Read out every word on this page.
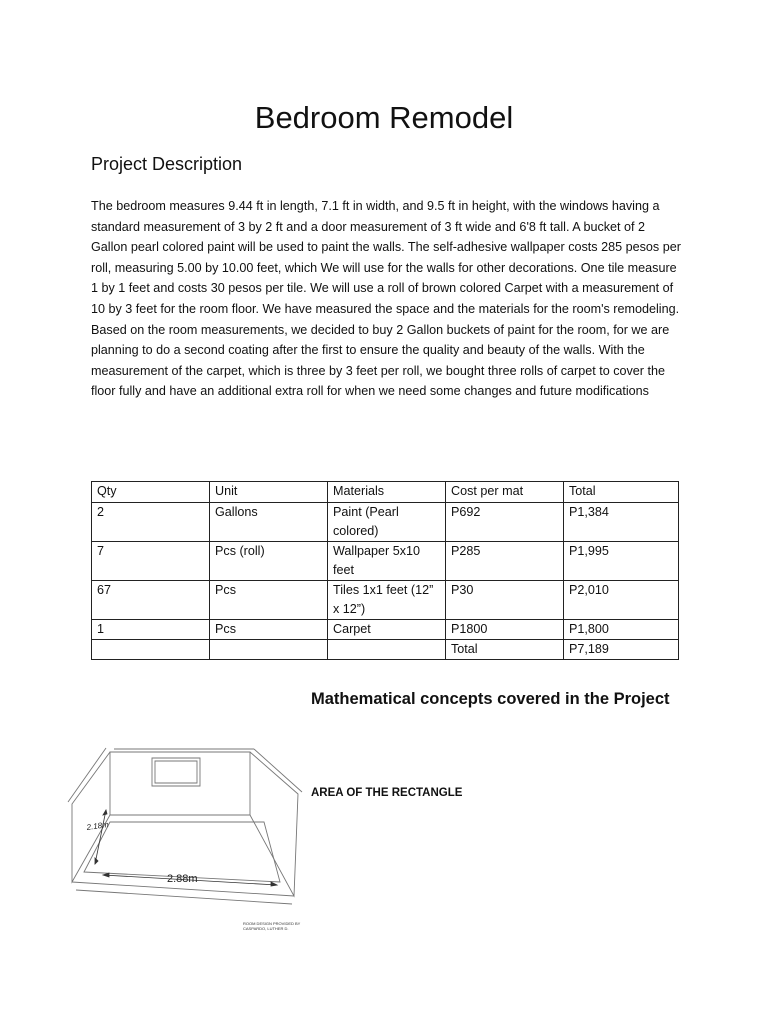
Bedroom Remodel
Project Description
The bedroom measures 9.44 ft in length, 7.1 ft in width, and 9.5 ft in height, with the windows having a standard measurement of 3 by 2 ft and a door measurement of 3 ft wide and 6'8 ft tall. A bucket of 2 Gallon pearl colored paint will be used to paint the walls. The self-adhesive wallpaper costs 285 pesos per roll, measuring 5.00 by 10.00 feet, which We will use for the walls for other decorations. One tile measure 1 by 1 feet and costs 30 pesos per tile. We will use a roll of brown colored Carpet with a measurement of 10 by 3 feet for the room floor. We have measured the space and the materials for the room's remodeling. Based on the room measurements, we decided to buy 2 Gallon buckets of paint for the room, for we are planning to do a second coating after the first to ensure the quality and beauty of the walls. With the measurement of the carpet, which is three by 3 feet per roll, we bought three rolls of carpet to cover the floor fully and have an additional extra roll for when we need some changes and future modifications
Qty	Unit	Materials	Cost per mat	Total
2	Gallons	Paint (Pearl colored)	P692	P1,384
7	Pcs (roll)	Wallpaper 5x10 feet	P285	P1,995
67	Pcs	Tiles 1x1 feet (12” x 12”)	P30	P2,010
1	Pcs	Carpet	P1800	P1,800
			Total	P7,189
Mathematical concepts covered in the Project
AREA OF THE RECTANGLE
2.18m
2.88m
ROOM DESIGN PROVIDED BY CASPARDO, LUTHER D.
